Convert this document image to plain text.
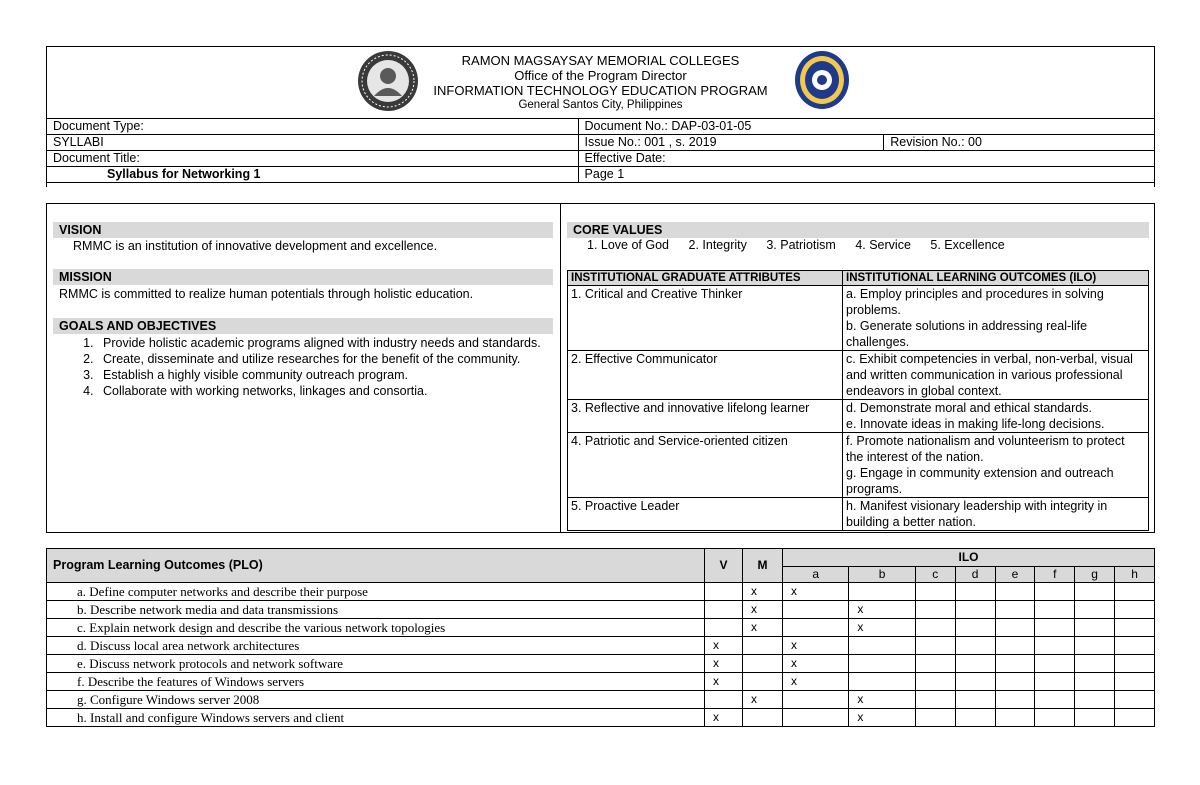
RAMON MAGSAYSAY MEMORIAL COLLEGES
Office of the Program Director
INFORMATION TECHNOLOGY EDUCATION PROGRAM
General Santos City, Philippines
Document Type:	Document No.: DAP-03-01-05	
SYLLABI	Issue No.: 001 , s. 2019	Revision No.: 00
Document Title:	Effective Date:	
Syllabus for Networking 1	Page 1	
VISION
RMMC is an institution of innovative development and excellence.
MISSION
RMMC is committed to realize human potentials through holistic education.
GOALS AND OBJECTIVES
1. Provide holistic academic programs aligned with industry needs and standards.
2. Create, disseminate and utilize researches for the benefit of the community.
3. Establish a highly visible community outreach program.
4. Collaborate with working networks, linkages and consortia.
CORE VALUES
1. Love of God 2. Integrity 3. Patriotism 4. Service 5. Excellence
INSTITUTIONAL GRADUATE ATTRIBUTES	INSTITUTIONAL LEARNING OUTCOMES (ILO)
1. Critical and Creative Thinker	a. Employ principles and procedures in solving problems.
b. Generate solutions in addressing real-life challenges.

2. Effective Communicator	c. Exhibit competencies in verbal, non-verbal, visual and written communication in various professional endeavors in global context.

3. Reflective and innovative lifelong learner	d. Demonstrate moral and ethical standards.
e. Innovate ideas in making life-long decisions.

4. Patriotic and Service-oriented citizen	f. Promote nationalism and volunteerism to protect the interest of the nation.
g. Engage in community extension and outreach programs.

5. Proactive Leader	h. Manifest visionary leadership with integrity in building a better nation.
Program Learning Outcomes (PLO)	V	M	ILO							
			a	b	c	d	e	f	g	h
a. Define computer networks and describe their purpose		x	x							
b. Describe network media and data transmissions		x		x						
c. Explain network design and describe the various network topologies		x		x						
d. Discuss local area network architectures	x		x							
e. Discuss network protocols and network software	x		x							
f. Describe the features of Windows servers	x		x							
g. Configure Windows server 2008		x		x						
h. Install and configure Windows servers and client	x			x						
